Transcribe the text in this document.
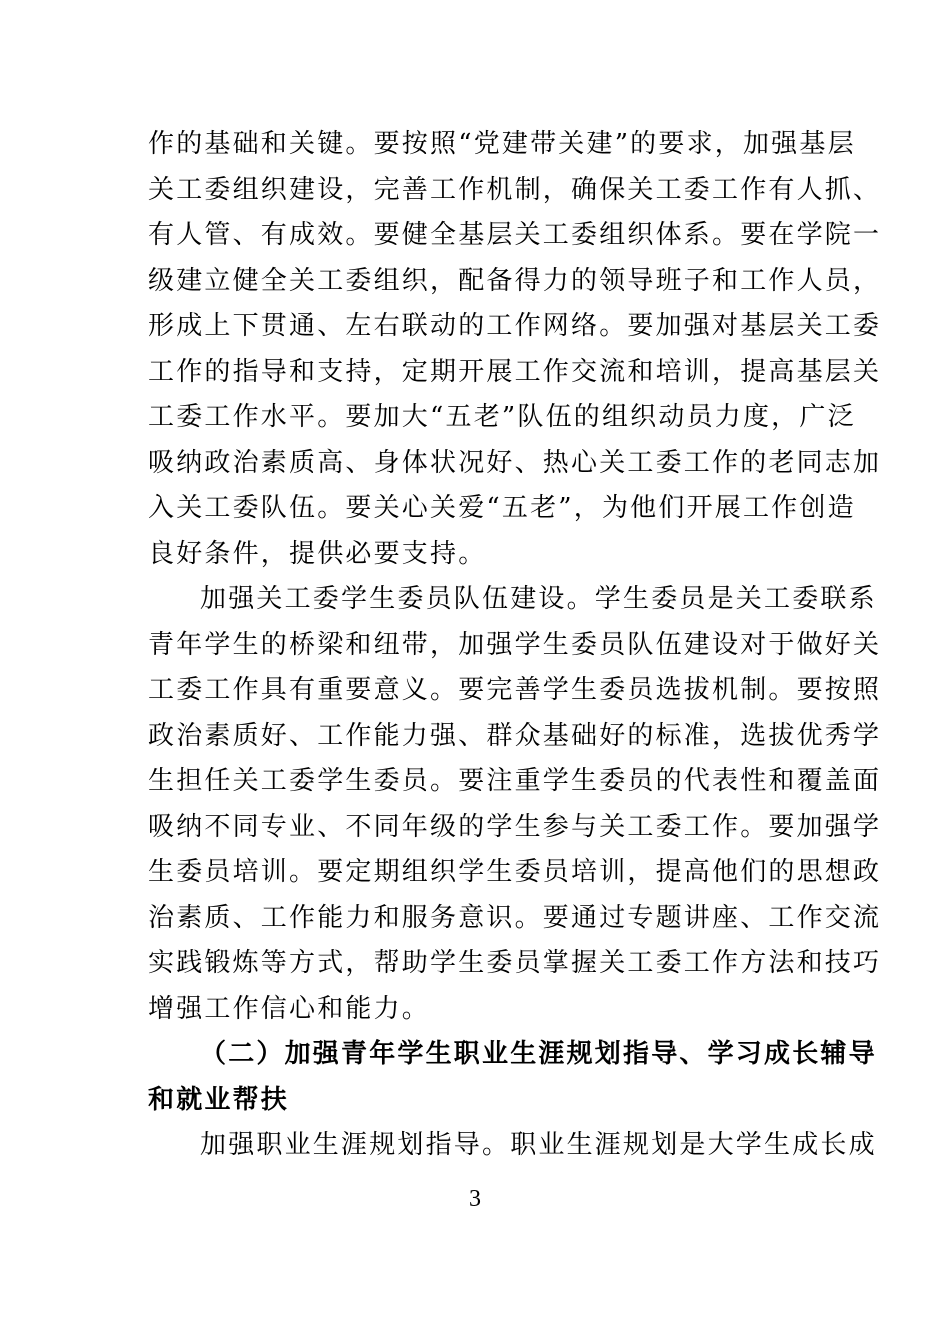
作的基础和关键。要按照“党建带关建”的要求，加强基层
关工委组织建设，完善工作机制，确保关工委工作有人抓、
有人管、有成效。要健全基层关工委组织体系。要在学院一
级建立健全关工委组织，配备得力的领导班子和工作人员，
形成上下贯通、左右联动的工作网络。要加强对基层关工委
工作的指导和支持，定期开展工作交流和培训，提高基层关
工委工作水平。要加大“五老”队伍的组织动员力度，广泛
吸纳政治素质高、身体状况好、热心关工委工作的老同志加
入关工委队伍。要关心关爱“五老”，为他们开展工作创造
良好条件，提供必要支持。
加强关工委学生委员队伍建设。学生委员是关工委联系
青年学生的桥梁和纽带，加强学生委员队伍建设对于做好关
工委工作具有重要意义。要完善学生委员选拔机制。要按照
政治素质好、工作能力强、群众基础好的标准，选拔优秀学
生担任关工委学生委员。要注重学生委员的代表性和覆盖面
吸纳不同专业、不同年级的学生参与关工委工作。要加强学
生委员培训。要定期组织学生委员培训，提高他们的思想政
治素质、工作能力和服务意识。要通过专题讲座、工作交流
实践锻炼等方式，帮助学生委员掌握关工委工作方法和技巧
增强工作信心和能力。
（二）加强青年学生职业生涯规划指导、学习成长辅导
和就业帮扶
加强职业生涯规划指导。职业生涯规划是大学生成长成
3
